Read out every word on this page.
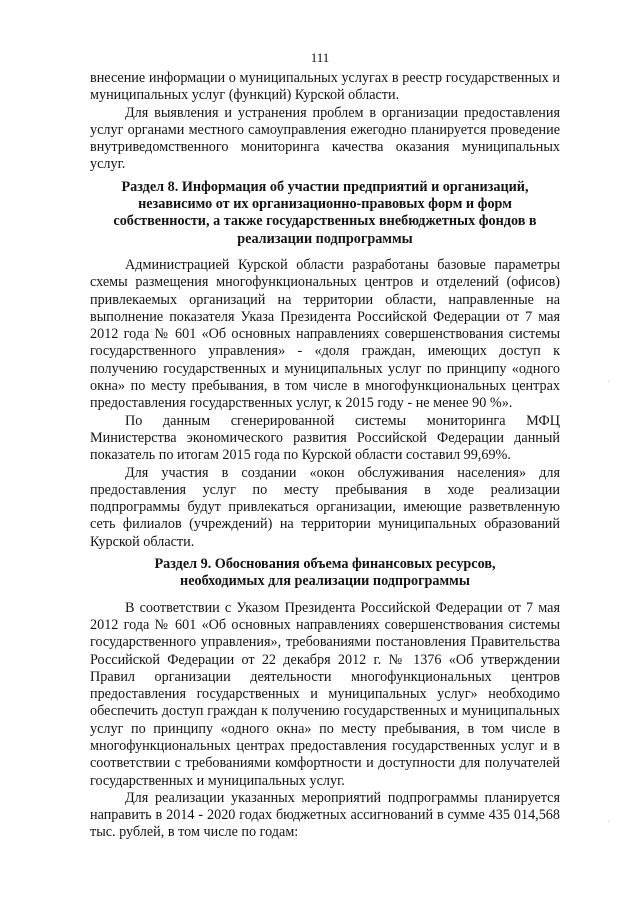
111

внесение информации о муниципальных услугах в реестр государственных и муниципальных услуг (функций) Курской области.

Для выявления и устранения проблем в организации предоставления услуг органами местного самоуправления ежегодно планируется проведение внутриведомственного мониторинга качества оказания муниципальных услуг.

Раздел 8. Информация об участии предприятий и организаций,
независимо от их организационно-правовых форм и форм
собственности, а также государственных внебюджетных фондов в
реализации подпрограммы

Администрацией Курской области разработаны базовые параметры схемы размещения многофункциональных центров и отделений (офисов) привлекаемых организаций на территории области, направленные на выполнение показателя Указа Президента Российской Федерации от 7 мая 2012 года № 601 «Об основных направлениях совершенствования системы государственного управления» - «доля граждан, имеющих доступ к получению государственных и муниципальных услуг по принципу «одного окна» по месту пребывания, в том числе в многофункциональных центрах предоставления государственных услуг, к 2015 году - не менее 90 %».

По данным сгенерированной системы мониторинга МФЦ Министерства экономического развития Российской Федерации данный показатель по итогам 2015 года по Курской области составил 99,69%.

Для участия в создании «окон обслуживания населения» для предоставления услуг по месту пребывания в ходе реализации подпрограммы будут привлекаться организации, имеющие разветвленную сеть филиалов (учреждений) на территории муниципальных образований Курской области.

Раздел 9. Обоснования объема финансовых ресурсов,
необходимых для реализации подпрограммы

В соответствии с Указом Президента Российской Федерации от 7 мая 2012 года № 601 «Об основных направлениях совершенствования системы государственного управления», требованиями постановления Правительства Российской Федерации от 22 декабря 2012 г. № 1376 «Об утверждении Правил организации деятельности многофункциональных центров предоставления государственных и муниципальных услуг» необходимо обеспечить доступ граждан к получению государственных и муниципальных услуг по принципу «одного окна» по месту пребывания, в том числе в многофункциональных центрах предоставления государственных услуг и в соответствии с требованиями комфортности и доступности для получателей государственных и муниципальных услуг.

Для реализации указанных мероприятий подпрограммы планируется направить в 2014 - 2020 годах бюджетных ассигнований в сумме 435 014,568 тыс. рублей, в том числе по годам:

·
·
